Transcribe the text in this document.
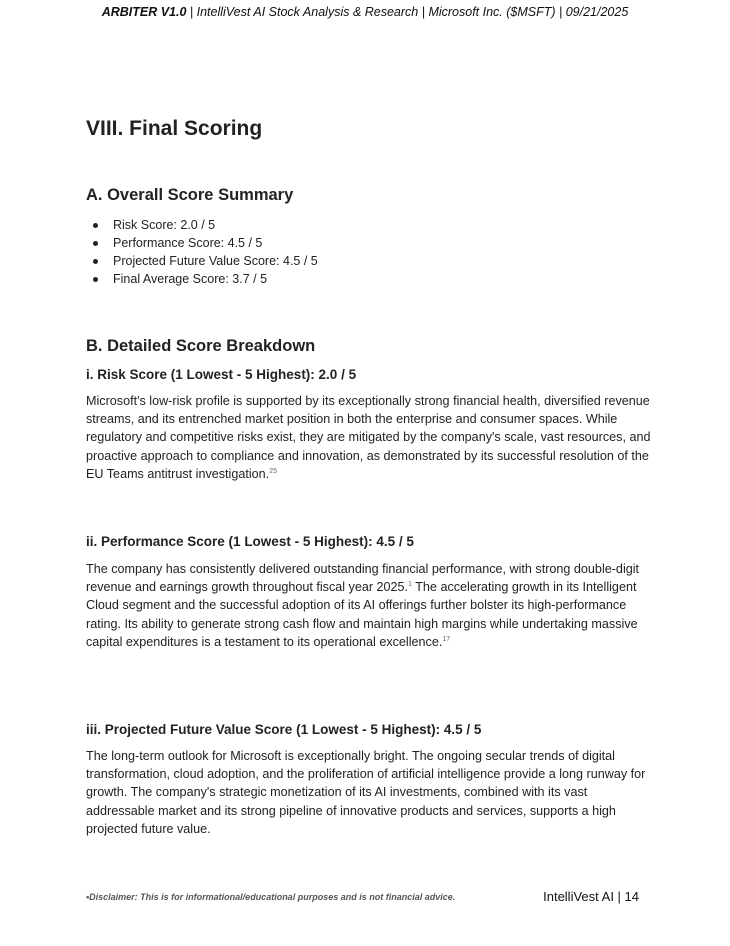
ARBITER V1.0 | IntelliVest AI Stock Analysis & Research | Microsoft Inc. ($MSFT) | 09/21/2025
VIII. Final Scoring
A. Overall Score Summary
Risk Score: 2.0 / 5
Performance Score: 4.5 / 5
Projected Future Value Score: 4.5 / 5
Final Average Score: 3.7 / 5
B. Detailed Score Breakdown
i. Risk Score (1 Lowest - 5 Highest): 2.0 / 5

Microsoft's low-risk profile is supported by its exceptionally strong financial health, diversified revenue streams, and its entrenched market position in both the enterprise and consumer spaces. While regulatory and competitive risks exist, they are mitigated by the company's scale, vast resources, and proactive approach to compliance and innovation, as demonstrated by its successful resolution of the EU Teams antitrust investigation.$^{25}$

ii. Performance Score (1 Lowest - 5 Highest): 4.5 / 5

The company has consistently delivered outstanding financial performance, with strong double-digit revenue and earnings growth throughout fiscal year 2025.$^1$ The accelerating growth in its Intelligent Cloud segment and the successful adoption of its AI offerings further bolster its high-performance rating. Its ability to generate strong cash flow and maintain high margins while undertaking massive capital expenditures is a testament to its operational excellence.$^{17}$

iii. Projected Future Value Score (1 Lowest - 5 Highest): 4.5 / 5

The long-term outlook for Microsoft is exceptionally bright. The ongoing secular trends of digital transformation, cloud adoption, and the proliferation of artificial intelligence provide a long runway for growth. The company's strategic monetization of its AI investments, combined with its vast addressable market and its strong pipeline of innovative products and services, supports a high projected future value.

•Disclaimer: This is for informational/educational purposes and is not financial advice.	IntelliVest AI | 14
